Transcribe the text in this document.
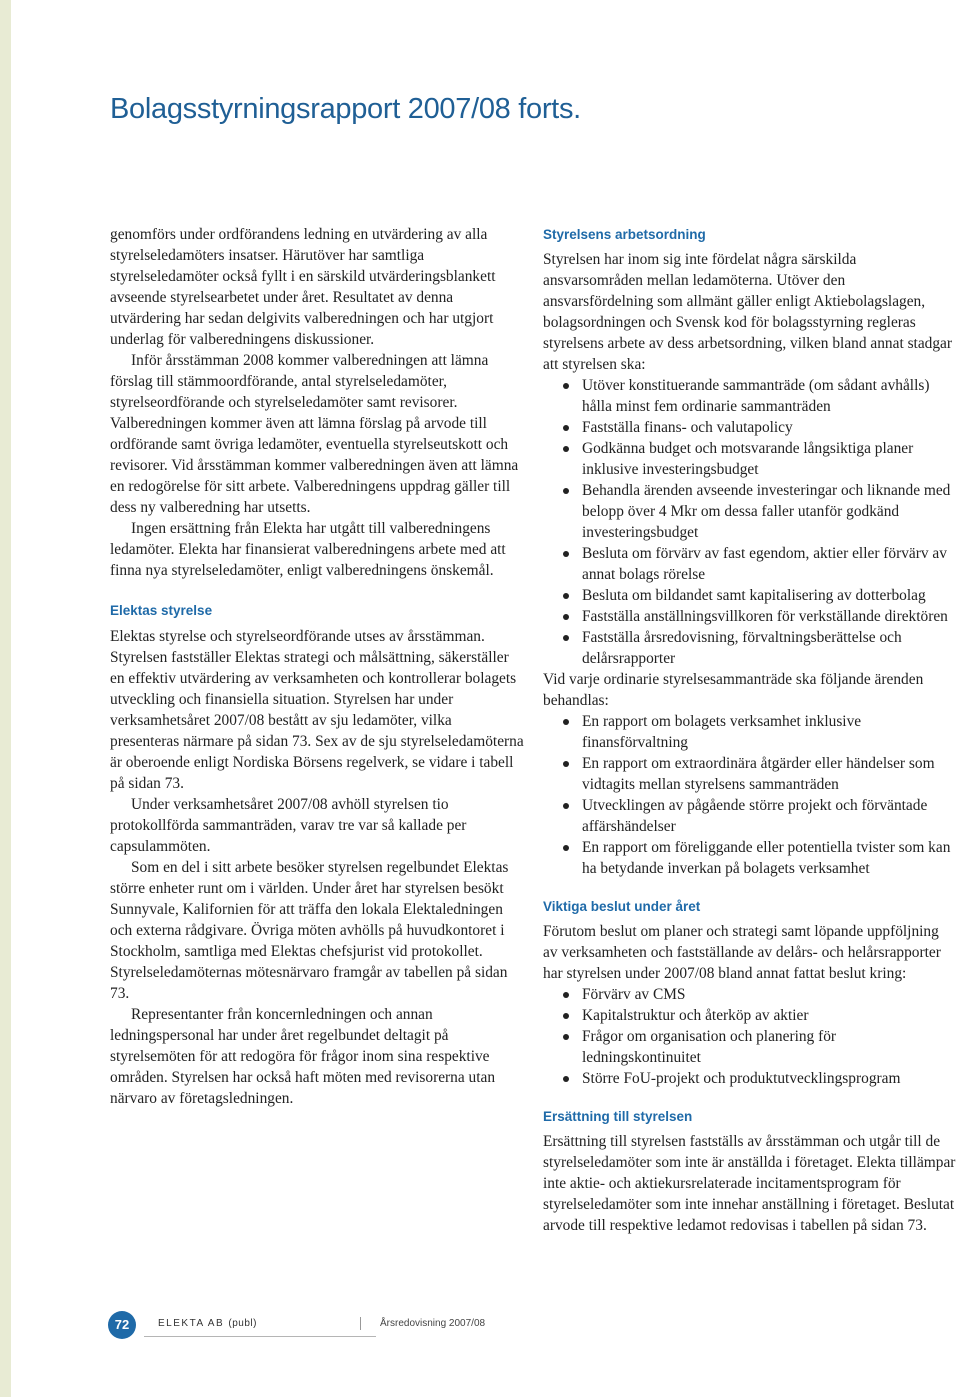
Bolagsstyrningsrapport 2007/08 forts.

genomförs under ordförandens ledning en utvärdering av alla styrelseledamöters insatser. Härutöver har samtliga styrelseledamöter också fyllt i en särskild utvärderingsblankett avseende styrelsearbetet under året. Resultatet av denna utvärdering har sedan delgivits valberedningen och har utgjort underlag för valberedningens diskussioner.

Inför årsstämman 2008 kommer valberedningen att lämna förslag till stämmoordförande, antal styrelseledamöter, styrelseordförande och styrelseledamöter samt revisorer. Valberedningen kommer även att lämna förslag på arvode till ordförande samt övriga ledamöter, eventuella styrelseutskott och revisorer. Vid årsstämman kommer valberedningen även att lämna en redogörelse för sitt arbete. Valberedningens uppdrag gäller till dess ny valberedning har utsetts.

Ingen ersättning från Elekta har utgått till valberedningens ledamöter. Elekta har finansierat valberedningens arbete med att finna nya styrelseledamöter, enligt valberedningens önskemål.

Elektas styrelse

Elektas styrelse och styrelseordförande utses av årsstämman. Styrelsen fastställer Elektas strategi och målsättning, säkerställer en effektiv utvärdering av verksamheten och kontrollerar bolagets utveckling och finansiella situation. Styrelsen har under verksamhetsåret 2007/08 bestått av sju ledamöter, vilka presenteras närmare på sidan 73. Sex av de sju styrelseledamöterna är oberoende enligt Nordiska Börsens regelverk, se vidare i tabell på sidan 73.

Under verksamhetsåret 2007/08 avhöll styrelsen tio protokollförda sammanträden, varav tre var så kallade per capsulammöten.

Som en del i sitt arbete besöker styrelsen regelbundet Elektas större enheter runt om i världen. Under året har styrelsen besökt Sunnyvale, Kalifornien för att träffa den lokala Elektaledningen och externa rådgivare. Övriga möten avhölls på huvudkontoret i Stockholm, samtliga med Elektas chefsjurist vid protokollet. Styrelseledamöternas mötesnärvaro framgår av tabellen på sidan 73.

Representanter från koncernledningen och annan ledningspersonal har under året regelbundet deltagit på styrelsemöten för att redogöra för frågor inom sina respektive områden. Styrelsen har också haft möten med revisorerna utan närvaro av företagsledningen.

Styrelsens arbetsordning

Styrelsen har inom sig inte fördelat några särskilda ansvarsområden mellan ledamöterna. Utöver den ansvarsfördelning som allmänt gäller enligt Aktiebolagslagen, bolagsordningen och Svensk kod för bolagsstyrning regleras styrelsens arbete av dess arbetsordning, vilken bland annat stadgar att styrelsen ska:

Utöver konstituerande sammanträde (om sådant avhålls) hålla minst fem ordinarie sammanträden
Fastställa finans- och valutapolicy
Godkänna budget och motsvarande långsiktiga planer inklusive investeringsbudget
Behandla ärenden avseende investeringar och liknande med belopp över 4 Mkr om dessa faller utanför godkänd investeringsbudget
Besluta om förvärv av fast egendom, aktier eller förvärv av annat bolags rörelse
Besluta om bildandet samt kapitalisering av dotterbolag
Fastställa anställningsvillkoren för verkställande direktören
Fastställa årsredovisning, förvaltningsberättelse och delårsrapporter

Vid varje ordinarie styrelsesammanträde ska följande ärenden behandlas:

En rapport om bolagets verksamhet inklusive finansförvaltning
En rapport om extraordinära åtgärder eller händelser som vidtagits mellan styrelsens sammanträden
Utvecklingen av pågående större projekt och förväntade affärshändelser
En rapport om föreliggande eller potentiella tvister som kan ha betydande inverkan på bolagets verksamhet
Viktiga beslut under året

Förutom beslut om planer och strategi samt löpande uppföljning av verksamheten och fastställande av delårs- och helårsrapporter har styrelsen under 2007/08 bland annat fattat beslut kring:

Förvärv av CMS
Kapitalstruktur och återköp av aktier
Frågor om organisation och planering för ledningskontinuitet
Större FoU-projekt och produktutvecklingsprogram
Ersättning till styrelsen

Ersättning till styrelsen fastställs av årsstämman och utgår till de styrelseledamöter som inte är anställda i företaget. Elekta tillämpar inte aktie- och aktiekursrelaterade incitamentsprogram för styrelseledamöter som inte innehar anställning i företaget. Beslutat arvode till respektive ledamot redovisas i tabellen på sidan 73.

72	ELEKTA AB (publ)	Årsredovisning 2007/08
